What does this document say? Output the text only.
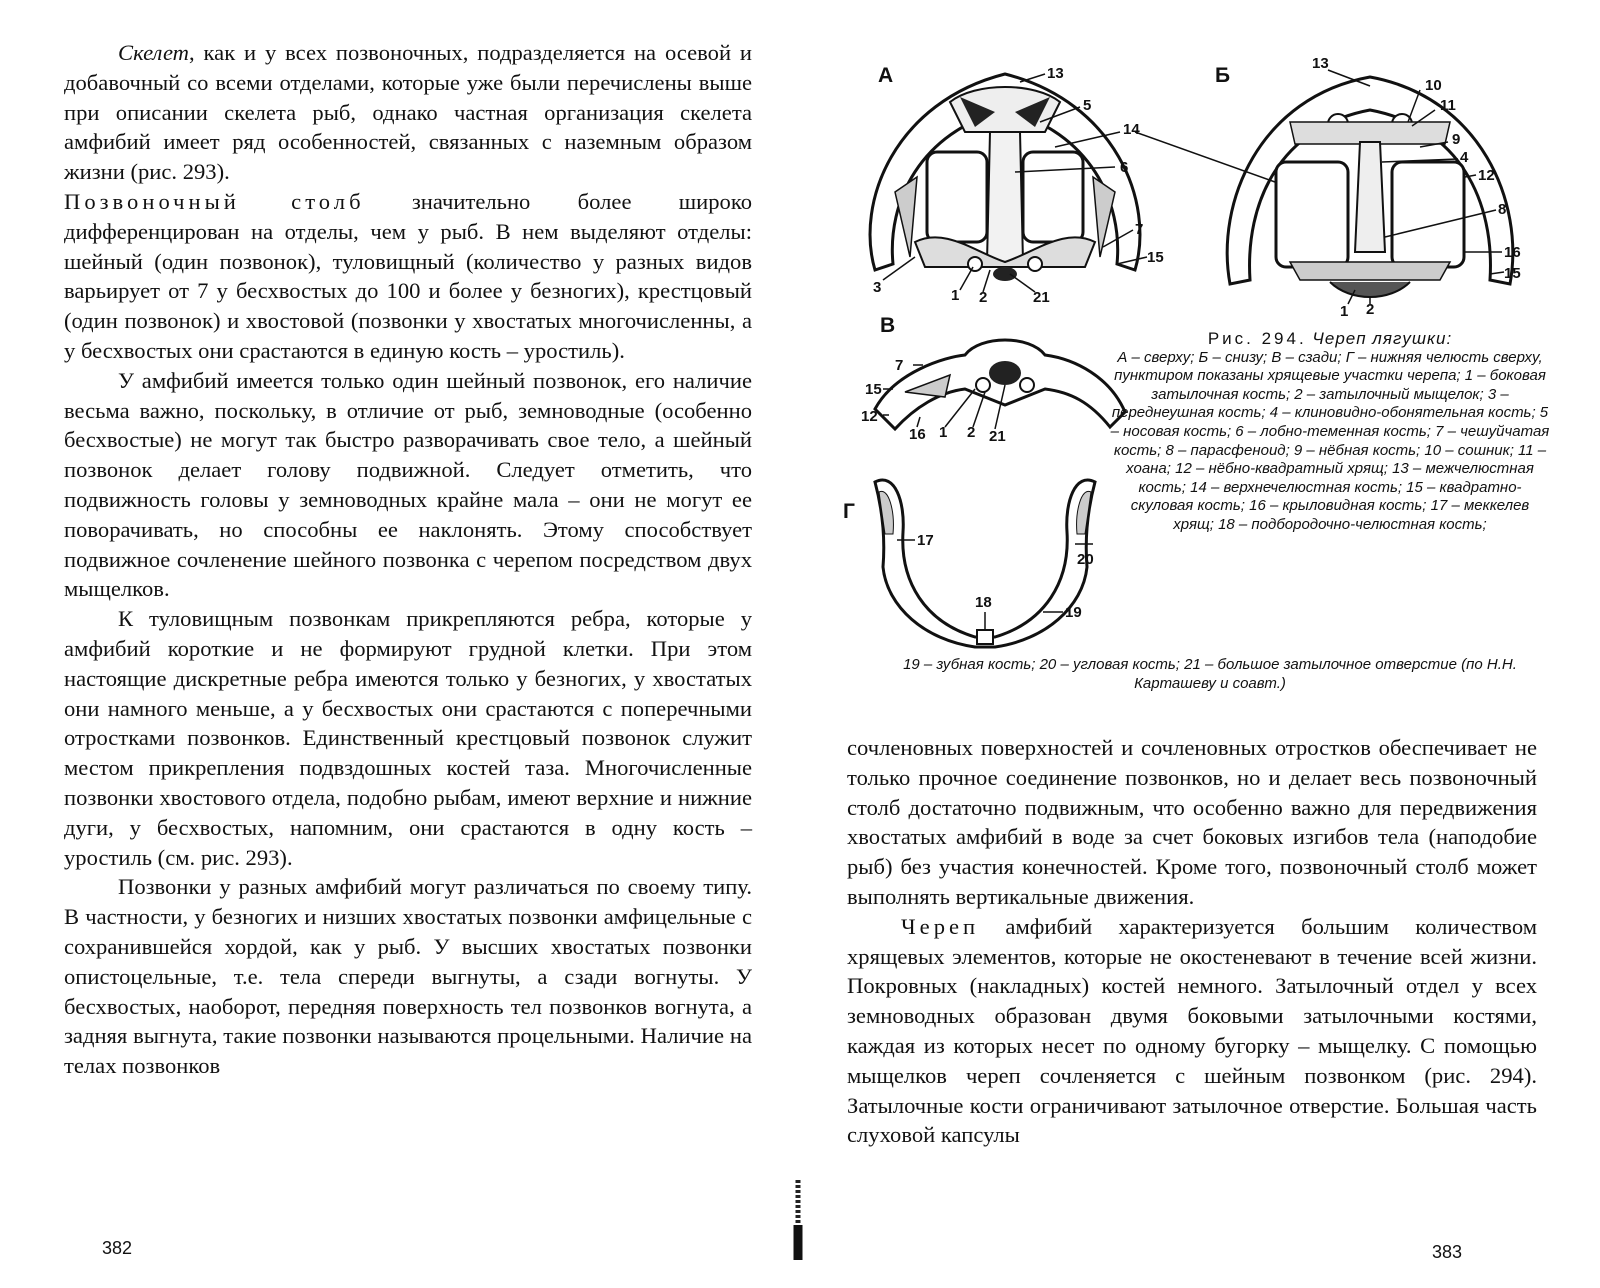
Скелет, как и у всех позвоночных, подразделяется на осевой и добавочный со всеми отделами, которые уже были перечислены выше при описании скелета рыб, однако частная организация скелета амфибий имеет ряд особенностей, связанных с наземным образом жизни (рис. 293).

Позвоночный столб значительно более широко дифференцирован на отделы, чем у рыб. В нем выделяют отделы: шейный (один позвонок), туловищный (количество у разных видов варьирует от 7 у бесхвостых до 100 и более у безногих), крестцовый (один позвонок) и хвостовой (позвонки у хвостатых многочисленны, а у бесхвостых они срастаются в единую кость – уростиль).

У амфибий имеется только один шейный позвонок, его наличие весьма важно, поскольку, в отличие от рыб, земноводные (особенно бесхвостые) не могут так быстро разворачивать свое тело, а шейный позвонок делает голову подвижной. Следует отметить, что подвижность головы у земноводных крайне мала – они не могут ее поворачивать, но способны ее наклонять. Этому способствует подвижное сочленение шейного позвонка с черепом посредством двух мыщелков.

К туловищным позвонкам прикрепляются ребра, которые у амфибий короткие и не формируют грудной клетки. При этом настоящие дискретные ребра имеются только у безногих, у хвостатых они намного меньше, а у бесхвостых они срастаются с поперечными отростками позвонков. Единственный крестцовый позвонок служит местом прикрепления подвздошных костей таза. Многочисленные позвонки хвостового отдела, подобно рыбам, имеют верхние и нижние дуги, у бесхвостых, напомним, они срастаются в одну кость – уростиль (см. рис. 293).

Позвонки у разных амфибий могут различаться по своему типу. В частности, у безногих и низших хвостатых позвонки амфицельные с сохранившейся хордой, как у рыб. У высших хвостатых позвонки опистоцельные, т.е. тела спереди выгнуты, а сзади вогнуты. У бесхвостых, наоборот, передняя поверхность тел позвонков вогнута, а задняя выгнута, такие позвонки называются процельными. Наличие на телах позвонков

382
А	Б
В
Г
13
5
14
6
7
15
3	1 2	21
13
10
11
9
4
12
8
16
15
1 2
7
15
12
16 1 2 21
17
20
18
19
Рис. 294. Череп лягушки:
А – сверху; Б – снизу; В – сзади; Г – нижняя челюсть сверху, пунктиром показаны хрящевые участки черепа; 1 – боковая затылочная кость; 2 – затылочный мыщелок; 3 – переднеушная кость; 4 – клиновидно-обонятельная кость; 5 – носовая кость; 6 – лобно-теменная кость; 7 – чешуйчатая кость; 8 – парасфеноид; 9 – нёбная кость; 10 – сошник; 11 – хоана; 12 – нёбно-квадратный хрящ; 13 – межчелюстная кость; 14 – верхнечелюстная кость; 15 – квадратно-скуловая кость; 16 – крыловидная кость; 17 – меккелев хрящ; 18 – подбородочно-челюстная кость;
19 – зубная кость; 20 – угловая кость; 21 – большое затылочное отверстие (по Н.Н. Карташеву и соавт.)

сочленовных поверхностей и сочленовных отростков обеспечивает не только прочное соединение позвонков, но и делает весь позвоночный столб достаточно подвижным, что особенно важно для передвижения хвостатых амфибий в воде за счет боковых изгибов тела (наподобие рыб) без участия конечностей. Кроме того, позвоночный столб может выполнять вертикальные движения.

Череп амфибий характеризуется большим количеством хрящевых элементов, которые не окостеневают в течение всей жизни. Покровных (накладных) костей немного. Затылочный отдел у всех земноводных образован двумя боковыми затылочными костями, каждая из которых несет по одному бугорку – мыщелку. С помощью мыщелков череп сочленяется с шейным позвонком (рис. 294). Затылочные кости ограничивают затылочное отверстие. Большая часть слуховой капсулы

383
